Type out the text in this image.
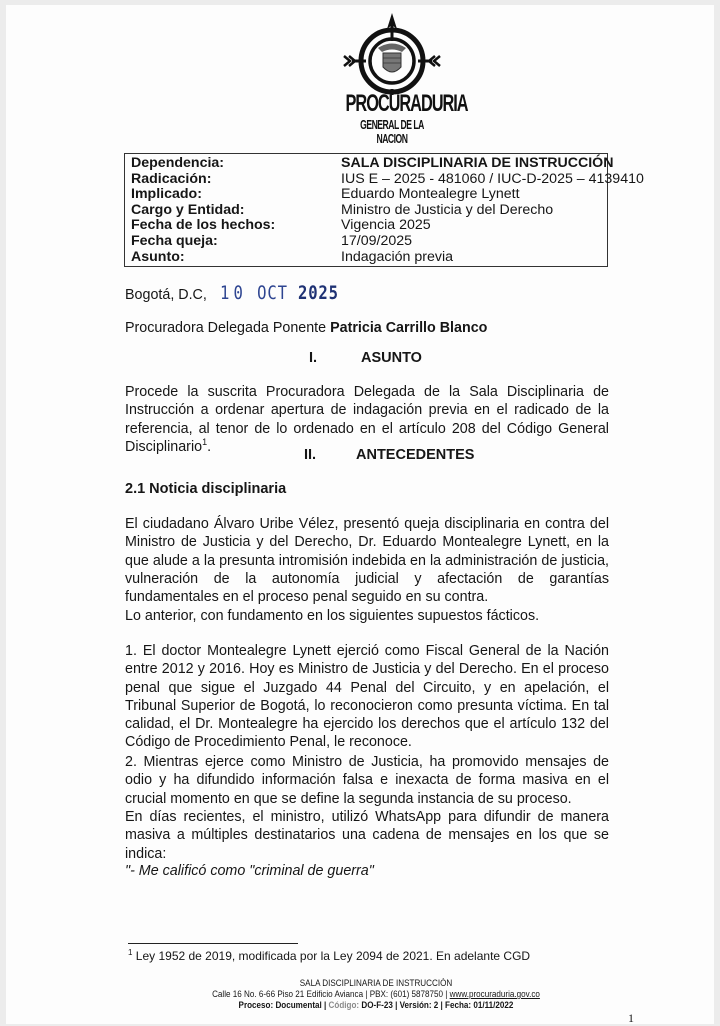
PROCURADURIA
GENERAL DE LA NACION
Dependencia:	SALA DISCIPLINARIA DE INSTRUCCIÓN
Radicación:	IUS E – 2025 - 481060 / IUC-D-2025 – 4139410
Implicado:	Eduardo Montealegre Lynett
Cargo y Entidad:	Ministro de Justicia y del Derecho
Fecha de los hechos:	Vigencia 2025
Fecha queja:	17/09/2025
Asunto:	Indagación previa
Bogotá, D.C, 10 OCT 2025
Procuradora Delegada Ponente Patricia Carrillo Blanco
I.	ASUNTO
Procede la suscrita Procuradora Delegada de la Sala Disciplinaria de Instrucción a ordenar apertura de indagación previa en el radicado de la referencia, al tenor de lo ordenado en el artículo 208 del Código General Disciplinario$^1$.
II.	ANTECEDENTES
2.1 Noticia disciplinaria
El ciudadano Álvaro Uribe Vélez, presentó queja disciplinaria en contra del Ministro de Justicia y del Derecho, Dr. Eduardo Montealegre Lynett, en la que alude a la presunta intromisión indebida en la administración de justicia, vulneración de la autonomía judicial y afectación de garantías fundamentales en el proceso penal seguido en su contra.
Lo anterior, con fundamento en los siguientes supuestos fácticos.
1. El doctor Montealegre Lynett ejerció como Fiscal General de la Nación entre 2012 y 2016. Hoy es Ministro de Justicia y del Derecho. En el proceso penal que sigue el Juzgado 44 Penal del Circuito, y en apelación, el Tribunal Superior de Bogotá, lo reconocieron como presunta víctima. En tal calidad, el Dr. Montealegre ha ejercido los derechos que el artículo 132 del Código de Procedimiento Penal, le reconoce.
2. Mientras ejerce como Ministro de Justicia, ha promovido mensajes de odio y ha difundido información falsa e inexacta de forma masiva en el crucial momento en que se define la segunda instancia de su proceso.
En días recientes, el ministro, utilizó WhatsApp para difundir de manera masiva a múltiples destinatarios una cadena de mensajes en los que se indica:
"- Me calificó como "criminal de guerra"
$^1$ Ley 1952 de 2019, modificada por la Ley 2094 de 2021. En adelante CGD
SALA DISCIPLINARIA DE INSTRUCCIÓN
Calle 16 No. 6-66 Piso 21 Edificio Avianca | PBX: (601) 5878750 | www.procuraduria.gov.co
Proceso: Documental | Código: DO-F-23 | Versión: 2 | Fecha: 01/11/2022
1
